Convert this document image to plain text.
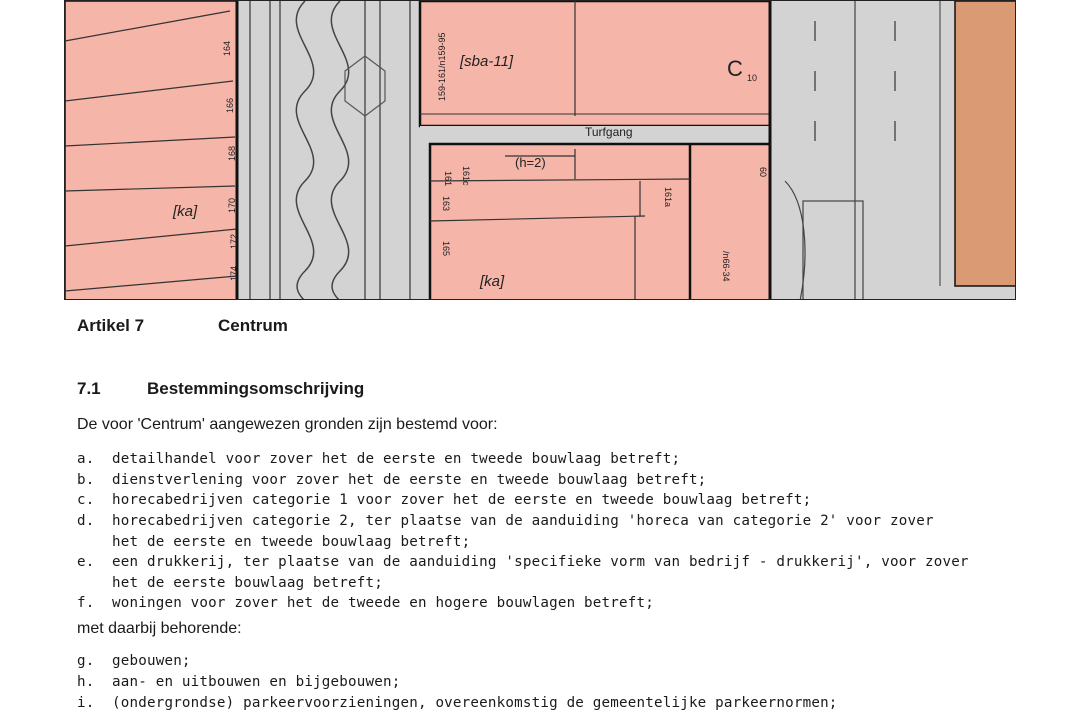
[sba-11]	C 10
[ka]
[ka]
Turfgang
(h=2)
164
166
168
170
172
174
159-161/n159-95
161 161c
163
165
161a
60
/n66-34
Artikel 7	Centrum
7.1	Bestemmingsomschrijving
De voor 'Centrum' aangewezen gronden zijn bestemd voor:
a. detailhandel voor zover het de eerste en tweede bouwlaag betreft;
b. dienstverlening voor zover het de eerste en tweede bouwlaag betreft;
c. horecabedrijven categorie 1 voor zover het de eerste en tweede bouwlaag betreft;
d. horecabedrijven categorie 2, ter plaatse van de aanduiding 'horeca van categorie 2' voor zover
het de eerste en tweede bouwlaag betreft;
e. een drukkerij, ter plaatse van de aanduiding 'specifieke vorm van bedrijf - drukkerij', voor zover
het de eerste bouwlaag betreft;
f. woningen voor zover het de tweede en hogere bouwlagen betreft;
met daarbij behorende:
g. gebouwen;
h. aan- en uitbouwen en bijgebouwen;
i. (ondergrondse) parkeervoorzieningen, overeenkomstig de gemeentelijke parkeernormen;
